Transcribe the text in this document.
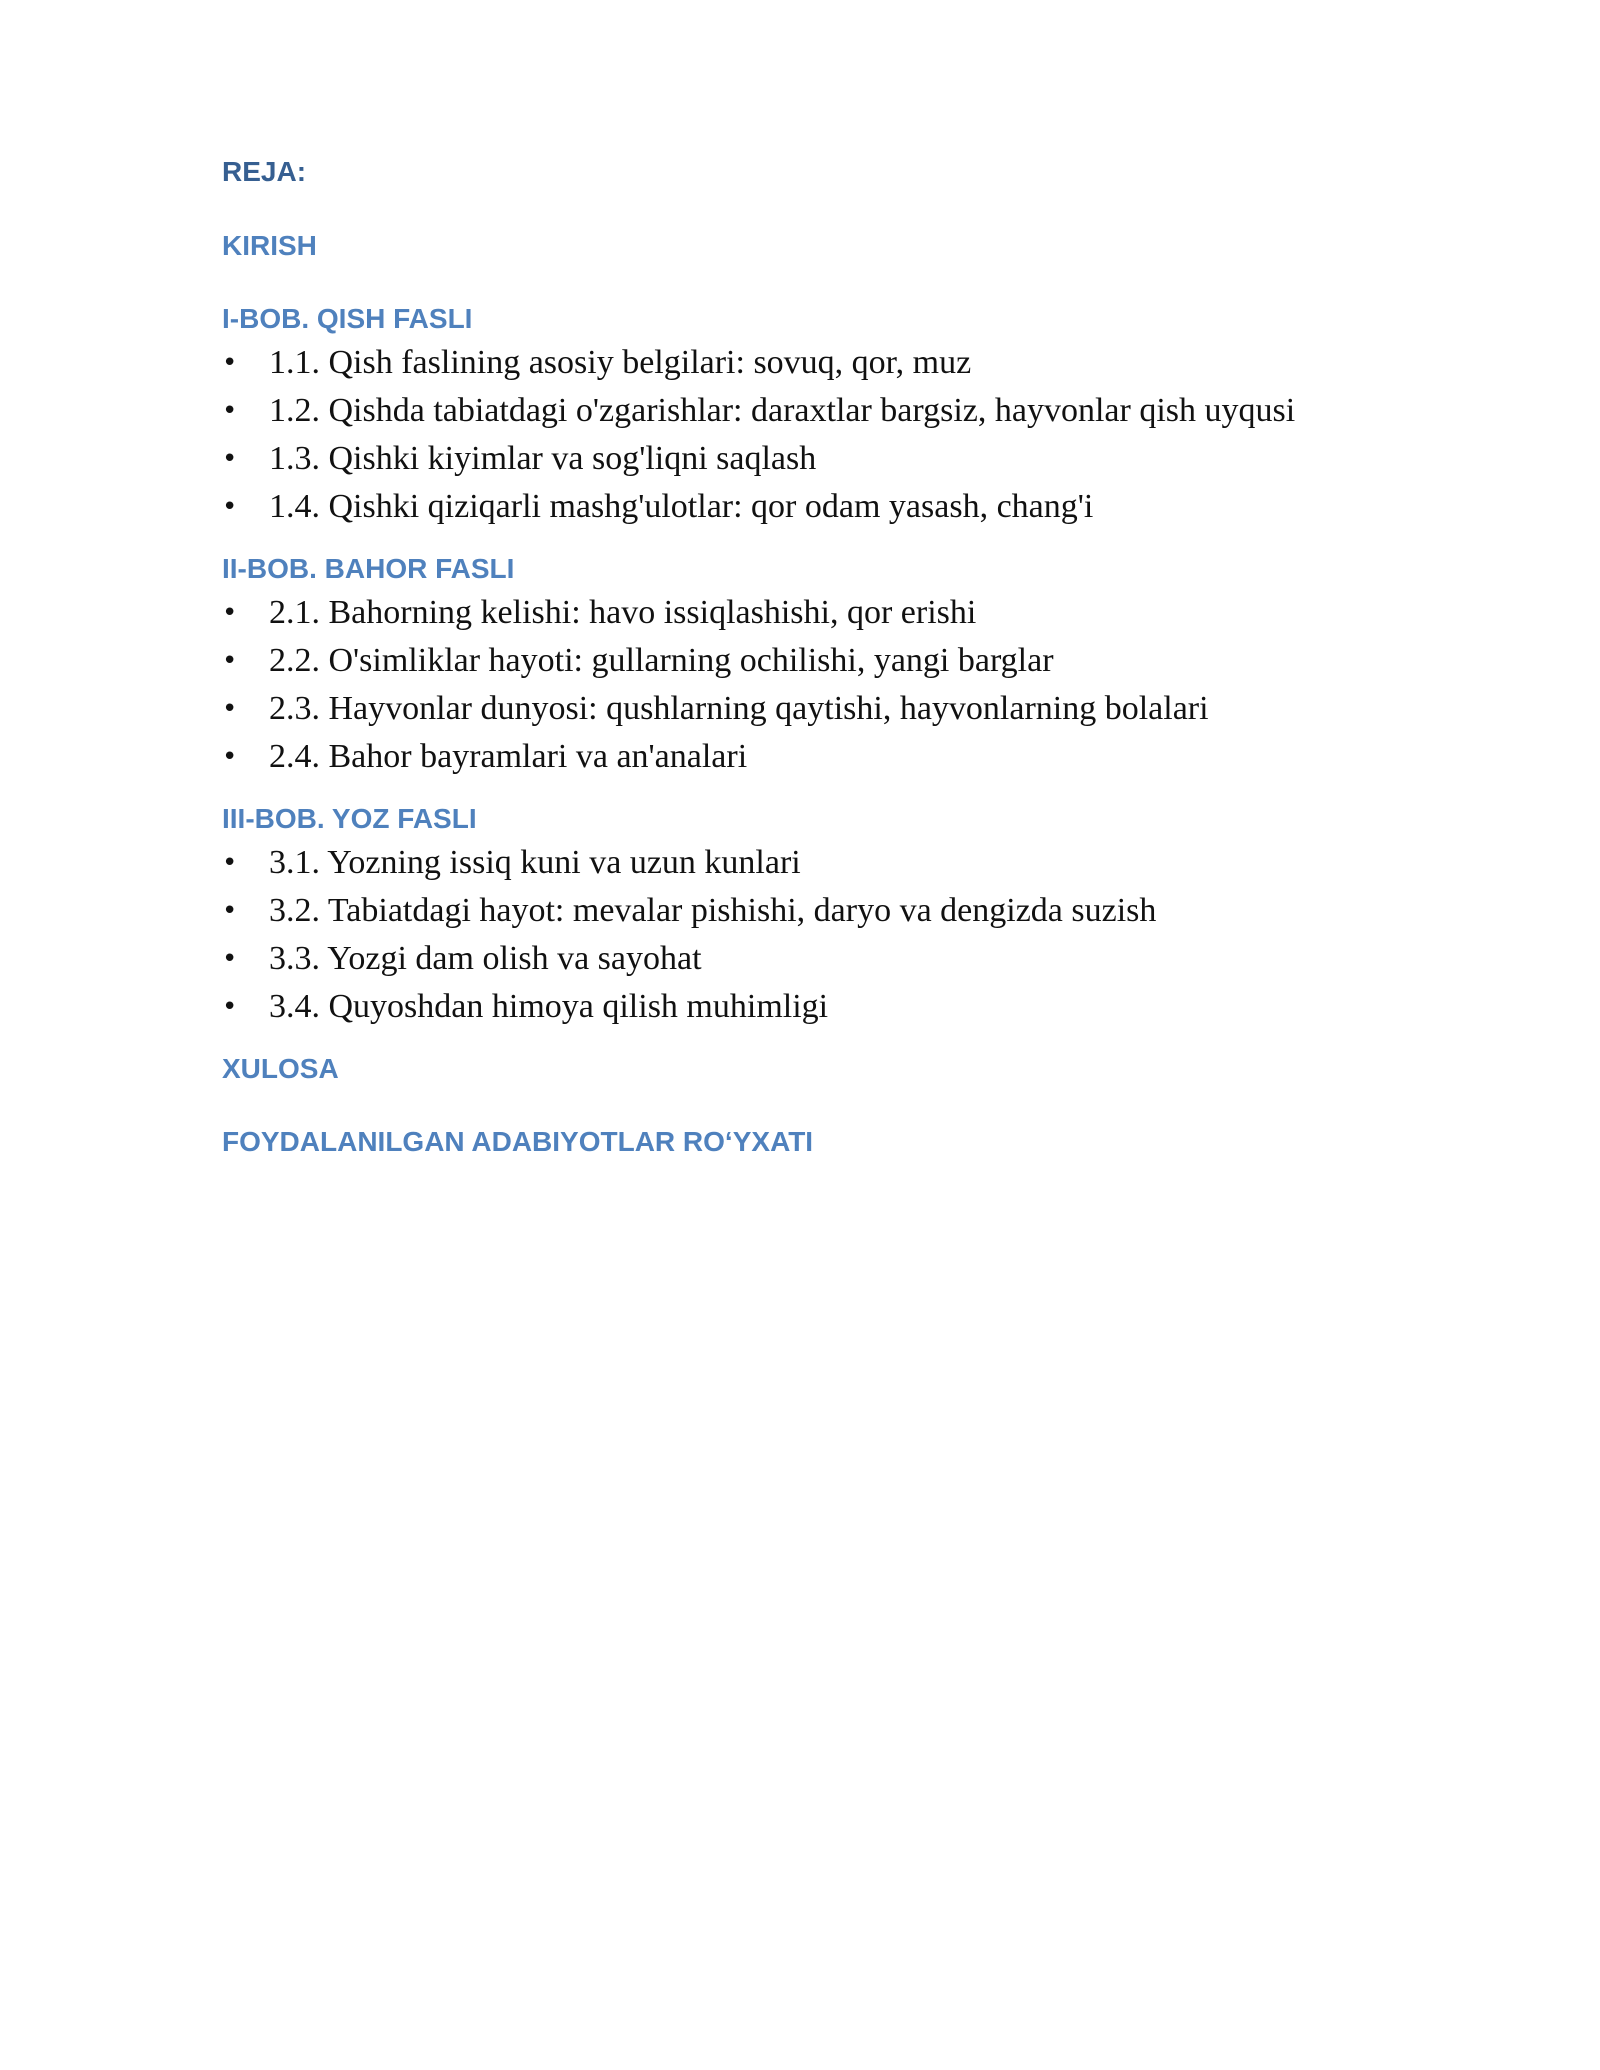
REJA:
KIRISH
I-BOB. QISH FASLI
• 1.1. Qish faslining asosiy belgilari: sovuq, qor, muz
• 1.2. Qishda tabiatdagi o'zgarishlar: daraxtlar bargsiz, hayvonlar qish uyqusi
• 1.3. Qishki kiyimlar va sog'liqni saqlash
• 1.4. Qishki qiziqarli mashg'ulotlar: qor odam yasash, chang'i
II-BOB. BAHOR FASLI
• 2.1. Bahorning kelishi: havo issiqlashishi, qor erishi
• 2.2. O'simliklar hayoti: gullarning ochilishi, yangi barglar
• 2.3. Hayvonlar dunyosi: qushlarning qaytishi, hayvonlarning bolalari
• 2.4. Bahor bayramlari va an'analari
III-BOB. YOZ FASLI
• 3.1. Yozning issiq kuni va uzun kunlari
• 3.2. Tabiatdagi hayot: mevalar pishishi, daryo va dengizda suzish
• 3.3. Yozgi dam olish va sayohat
• 3.4. Quyoshdan himoya qilish muhimligi
XULOSA
FOYDALANILGAN ADABIYOTLAR RO‘YXATI
